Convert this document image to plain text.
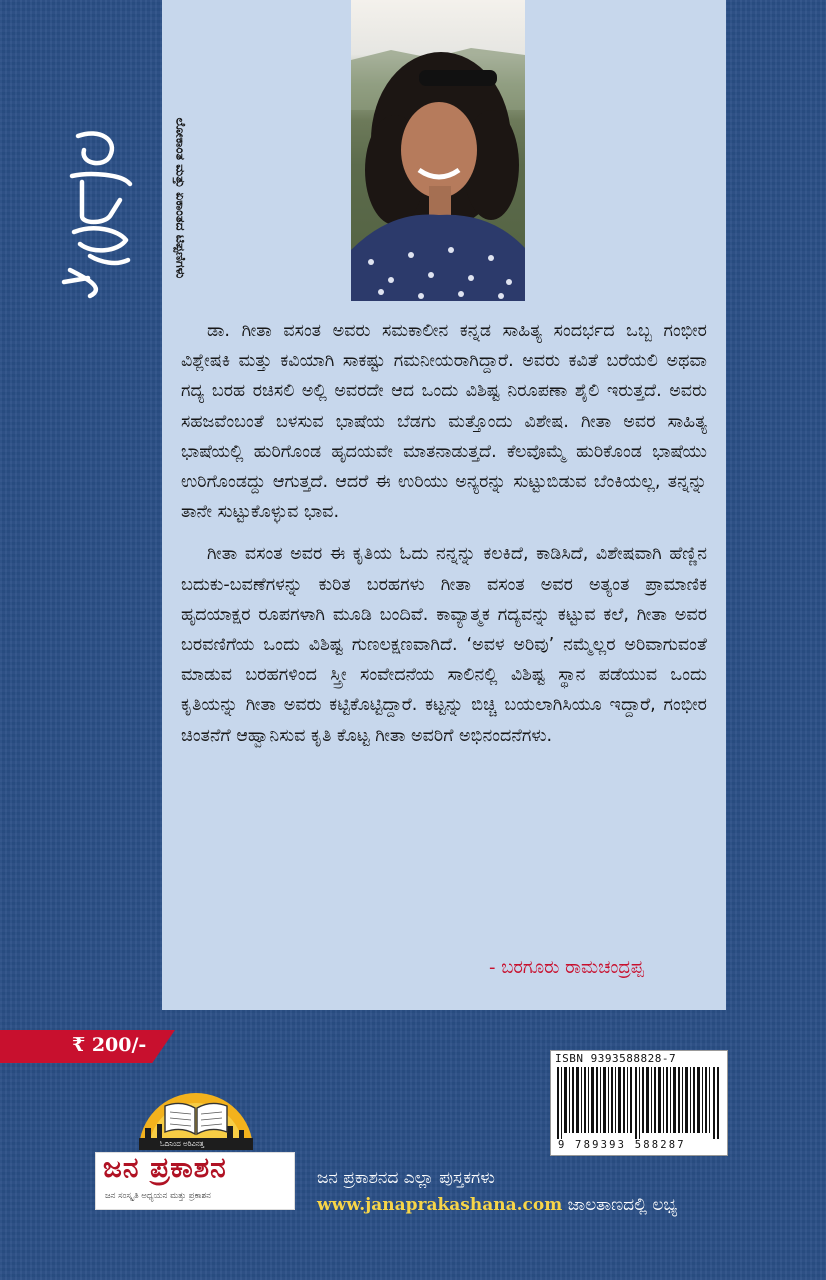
ಲೋಕಾಂತ ಮತ್ತು ಏಕಾಂತದ ಟಿಪ್ಪಣಿಗಳು

ಡಾ. ಗೀತಾ ವಸಂತ ಅವರು ಸಮಕಾಲೀನ ಕನ್ನಡ ಸಾಹಿತ್ಯ ಸಂದರ್ಭದ ಒಬ್ಬ ಗಂಭೀರ ವಿಶ್ಲೇಷಕಿ ಮತ್ತು ಕವಿಯಾಗಿ ಸಾಕಷ್ಟು ಗಮನೀಯರಾಗಿದ್ದಾರೆ. ಅವರು ಕವಿತೆ ಬರೆಯಲಿ ಅಥವಾ ಗದ್ಯ ಬರಹ ರಚಿಸಲಿ ಅಲ್ಲಿ ಅವರದೇ ಆದ ಒಂದು ವಿಶಿಷ್ಟ ನಿರೂಪಣಾ ಶೈಲಿ ಇರುತ್ತದೆ. ಅವರು ಸಹಜವೆಂಬಂತೆ ಬಳಸುವ ಭಾಷೆಯ ಬೆಡಗು ಮತ್ತೊಂದು ವಿಶೇಷ. ಗೀತಾ ಅವರ ಸಾಹಿತ್ಯ ಭಾಷೆಯಲ್ಲಿ ಹುರಿಗೊಂಡ ಹೃದಯವೇ ಮಾತನಾಡುತ್ತದೆ. ಕೆಲವೊಮ್ಮೆ ಹುರಿಕೊಂಡ ಭಾಷೆಯು ಉರಿಗೊಂಡದ್ದು ಆಗುತ್ತದೆ. ಆದರೆ ಈ ಉರಿಯು ಅನ್ಯರನ್ನು ಸುಟ್ಟುಬಿಡುವ ಬೆಂಕಿಯಲ್ಲ, ತನ್ನನ್ನು ತಾನೇ ಸುಟ್ಟುಕೊಳ್ಳುವ ಭಾವ.

ಗೀತಾ ವಸಂತ ಅವರ ಈ ಕೃತಿಯ ಓದು ನನ್ನನ್ನು ಕಲಕಿದೆ, ಕಾಡಿಸಿದೆ, ವಿಶೇಷವಾಗಿ ಹೆಣ್ಣಿನ ಬದುಕು-ಬವಣೆಗಳನ್ನು ಕುರಿತ ಬರಹಗಳು ಗೀತಾ ವಸಂತ ಅವರ ಅತ್ಯಂತ ಪ್ರಾಮಾಣಿಕ ಹೃದಯಾಕ್ಷರ ರೂಪಗಳಾಗಿ ಮೂಡಿ ಬಂದಿವೆ. ಕಾವ್ಯಾತ್ಮಕ ಗದ್ಯವನ್ನು ಕಟ್ಟುವ ಕಲೆ, ಗೀತಾ ಅವರ ಬರವಣಿಗೆಯ ಒಂದು ವಿಶಿಷ್ಟ ಗುಣಲಕ್ಷಣವಾಗಿದೆ. ‘ಅವಳ ಅರಿವು’ ನಮ್ಮೆಲ್ಲರ ಅರಿವಾಗುವಂತೆ ಮಾಡುವ ಬರಹಗಳಿಂದ ಸ್ತ್ರೀ ಸಂವೇದನೆಯ ಸಾಲಿನಲ್ಲಿ ವಿಶಿಷ್ಟ ಸ್ಥಾನ ಪಡೆಯುವ ಒಂದು ಕೃತಿಯನ್ನು ಗೀತಾ ಅವರು ಕಟ್ಟಿಕೊಟ್ಟಿದ್ದಾರೆ. ಕಟ್ಟನ್ನು ಬಿಚ್ಚಿ ಬಯಲಾಗಿಸಿಯೂ ಇದ್ದಾರೆ, ಗಂಭೀರ ಚಿಂತನೆಗೆ ಆಹ್ವಾನಿಸುವ ಕೃತಿ ಕೊಟ್ಟ ಗೀತಾ ಅವರಿಗೆ ಅಭಿನಂದನೆಗಳು.

- ಬರಗೂರು ರಾಮಚಂದ್ರಪ್ಪ
₹ 200/-
ISBN 9393588828-7
9 789393 588287
ಓದಿನಿಂದ ಅರಿವಿನತ್ತ
ಜನ ಪ್ರಕಾಶನ
ಜನ ಸಂಸ್ಕೃತಿ ಅಧ್ಯಯನ ಮತ್ತು ಪ್ರಕಾಶನ
ಜನ ಪ್ರಕಾಶನದ ಎಲ್ಲಾ ಪುಸ್ತಕಗಳು
www.janaprakashana.com ಜಾಲತಾಣದಲ್ಲಿ ಲಭ್ಯ
